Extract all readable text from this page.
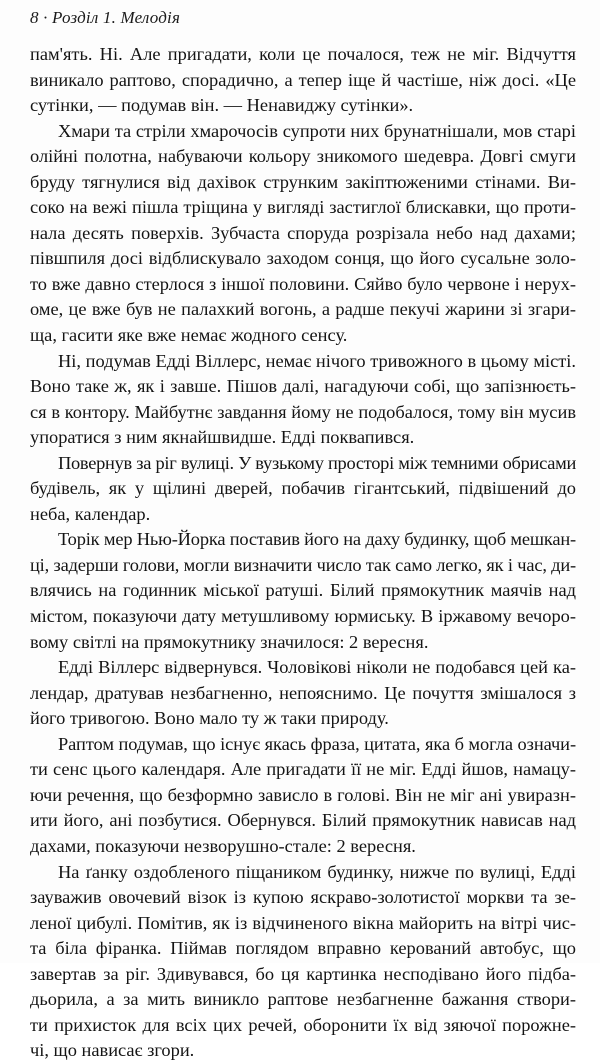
8 · Розділ 1. Мелодія
пам'ять. Ні. Але пригадати, коли це почалося, теж не міг. Відчуття
виникало раптово, спорадично, а тепер іще й частіше, ніж досі. «Це
сутінки, — подумав він. — Ненавиджу сутінки».
Хмари та стріли хмарочосів супроти них брунатнішали, мов старі
олійні полотна, набуваючи кольору зникомого шедевра. Довгі смуги
бруду тягнулися від дахівок струнким закіптюженими стінами. Ви-
соко на вежі пішла тріщина у вигляді застиглої блискавки, що проти-
нала десять поверхів. Зубчаста споруда розрізала небо над дахами;
півшпиля досі відблискувало заходом сонця, що його сусальне золо-
то вже давно стерлося з іншої половини. Сяйво було червоне і нерух-
оме, це вже був не палахкий вогонь, а радше пекучі жарини зі згари-
ща, гасити яке вже немає жодного сенсу.
Ні, подумав Едді Віллерс, немає нічого тривожного в цьому місті.
Воно таке ж, як і завше. Пішов далі, нагадуючи собі, що запізнюєть-
ся в контору. Майбутнє завдання йому не подобалося, тому він мусив
упоратися з ним якнайшвидше. Едді поквапився.
Повернув за ріг вулиці. У вузькому просторі між темними обрисами
будівель, як у щілині дверей, побачив гігантський, підвішений до
неба, календар.
Торік мер Нью-Йорка поставив його на даху будинку, щоб мешкан-
ці, задерши голови, могли визначити число так само легко, як і час, ди-
влячись на годинник міської ратуші. Білий прямокутник маячів над
містом, показуючи дату метушливому юрмиську. В іржавому вечоро-
вому світлі на прямокутнику значилося: 2 вересня.
Едді Віллерс відвернувся. Чоловікові ніколи не подобався цей ка-
лендар, дратував незбагненно, непояснимо. Це почуття змішалося з
його тривогою. Воно мало ту ж таки природу.
Раптом подумав, що існує якась фраза, цитата, яка б могла означи-
ти сенс цього календаря. Але пригадати її не міг. Едді йшов, намацу-
ючи речення, що безформно зависло в голові. Він не міг ані увиразн-
ити його, ані позбутися. Обернувся. Білий прямокутник нависав над
дахами, показуючи незворушно-стале: 2 вересня.
На ґанку оздобленого піщаником будинку, нижче по вулиці, Едді
зауважив овочевий візок із купою яскраво-золотистої моркви та зе-
леної цибулі. Помітив, як із відчиненого вікна майорить на вітрі чис-
та біла фіранка. Піймав поглядом вправно керований автобус, що
завертав за ріг. Здивувався, бо ця картинка несподівано його підба-
дьорила, а за мить виникло раптове незбагненне бажання створи-
ти прихисток для всіх цих речей, оборонити їх від зяючої порожне-
чі, що нависає згори.
